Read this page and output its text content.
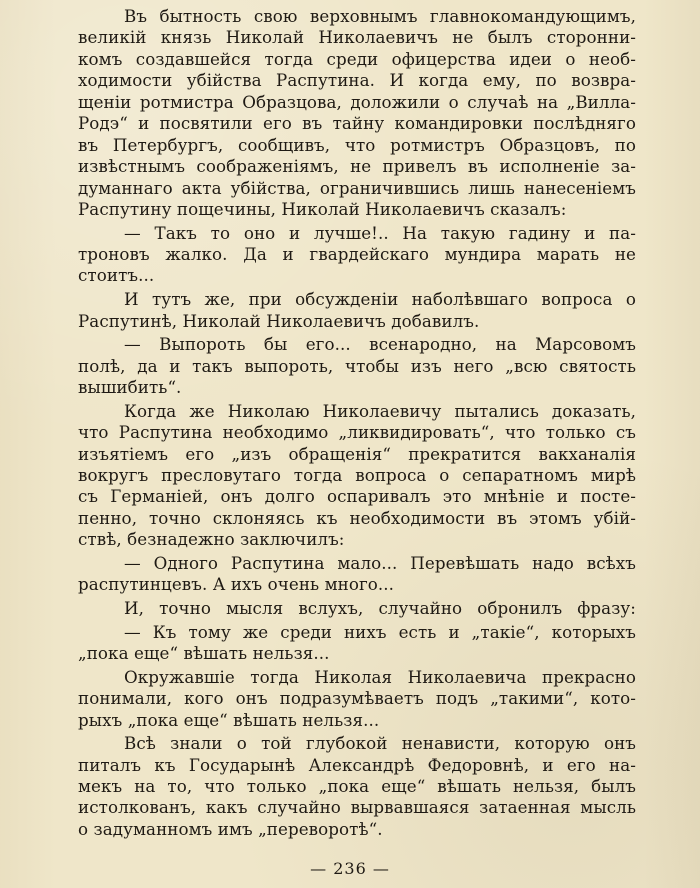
Въ бытность свою верховнымъ главнокомандующимъ,
великій князь Николай Николаевичъ не былъ сторонни-
комъ создавшейся тогда среди офицерства идеи о необ-
ходимости убійства Распутина. И когда ему, по возвра-
щеніи ротмистра Образцова, доложили о случаѣ на „Вилла-
Родэ“ и посвятили его въ тайну командировки послѣдняго
въ Петербургъ, сообщивъ, что ротмистръ Образцовъ, по
извѣстнымъ соображеніямъ, не привелъ въ исполненіе за-
думаннаго акта убійства, ограничившись лишь нанесеніемъ
Распутину пощечины, Николай Николаевичъ сказалъ:
— Такъ то оно и лучше!.. На такую гадину и па-
троновъ жалко. Да и гвардейскаго мундира марать не
стоитъ...
И тутъ же, при обсужденіи наболѣвшаго вопроса о
Распутинѣ, Николай Николаевичъ добавилъ.
— Выпороть бы его... всенародно, на Марсовомъ
полѣ, да и такъ выпороть, чтобы изъ него „всю святость
вышибить“.
Когда же Николаю Николаевичу пытались доказать,
что Распутина необходимо „ликвидировать“, что только съ
изъятіемъ его „изъ обращенія“ прекратится вакханалія
вокругъ пресловутаго тогда вопроса о сепаратномъ мирѣ
съ Германіей, онъ долго оспаривалъ это мнѣніе и посте-
пенно, точно склоняясь къ необходимости въ этомъ убій-
ствѣ, безнадежно заключилъ:
— Одного Распутина мало... Перевѣшать надо всѣхъ
распутинцевъ. А ихъ очень много...
И, точно мысля вслухъ, случайно обронилъ фразу:
— Къ тому же среди нихъ есть и „такіе“, которыхъ
„пока еще“ вѣшать нельзя...
Окружавшіе тогда Николая Николаевича прекрасно
понимали, кого онъ подразумѣваетъ подъ „такими“, кото-
рыхъ „пока еще“ вѣшать нельзя...
Всѣ знали о той глубокой ненависти, которую онъ
питалъ къ Государынѣ Александрѣ Федоровнѣ, и его на-
мекъ на то, что только „пока еще“ вѣшать нельзя, былъ
истолкованъ, какъ случайно вырвавшаяся затаенная мысль
о задуманномъ имъ „переворотѣ“.
— 236 —
